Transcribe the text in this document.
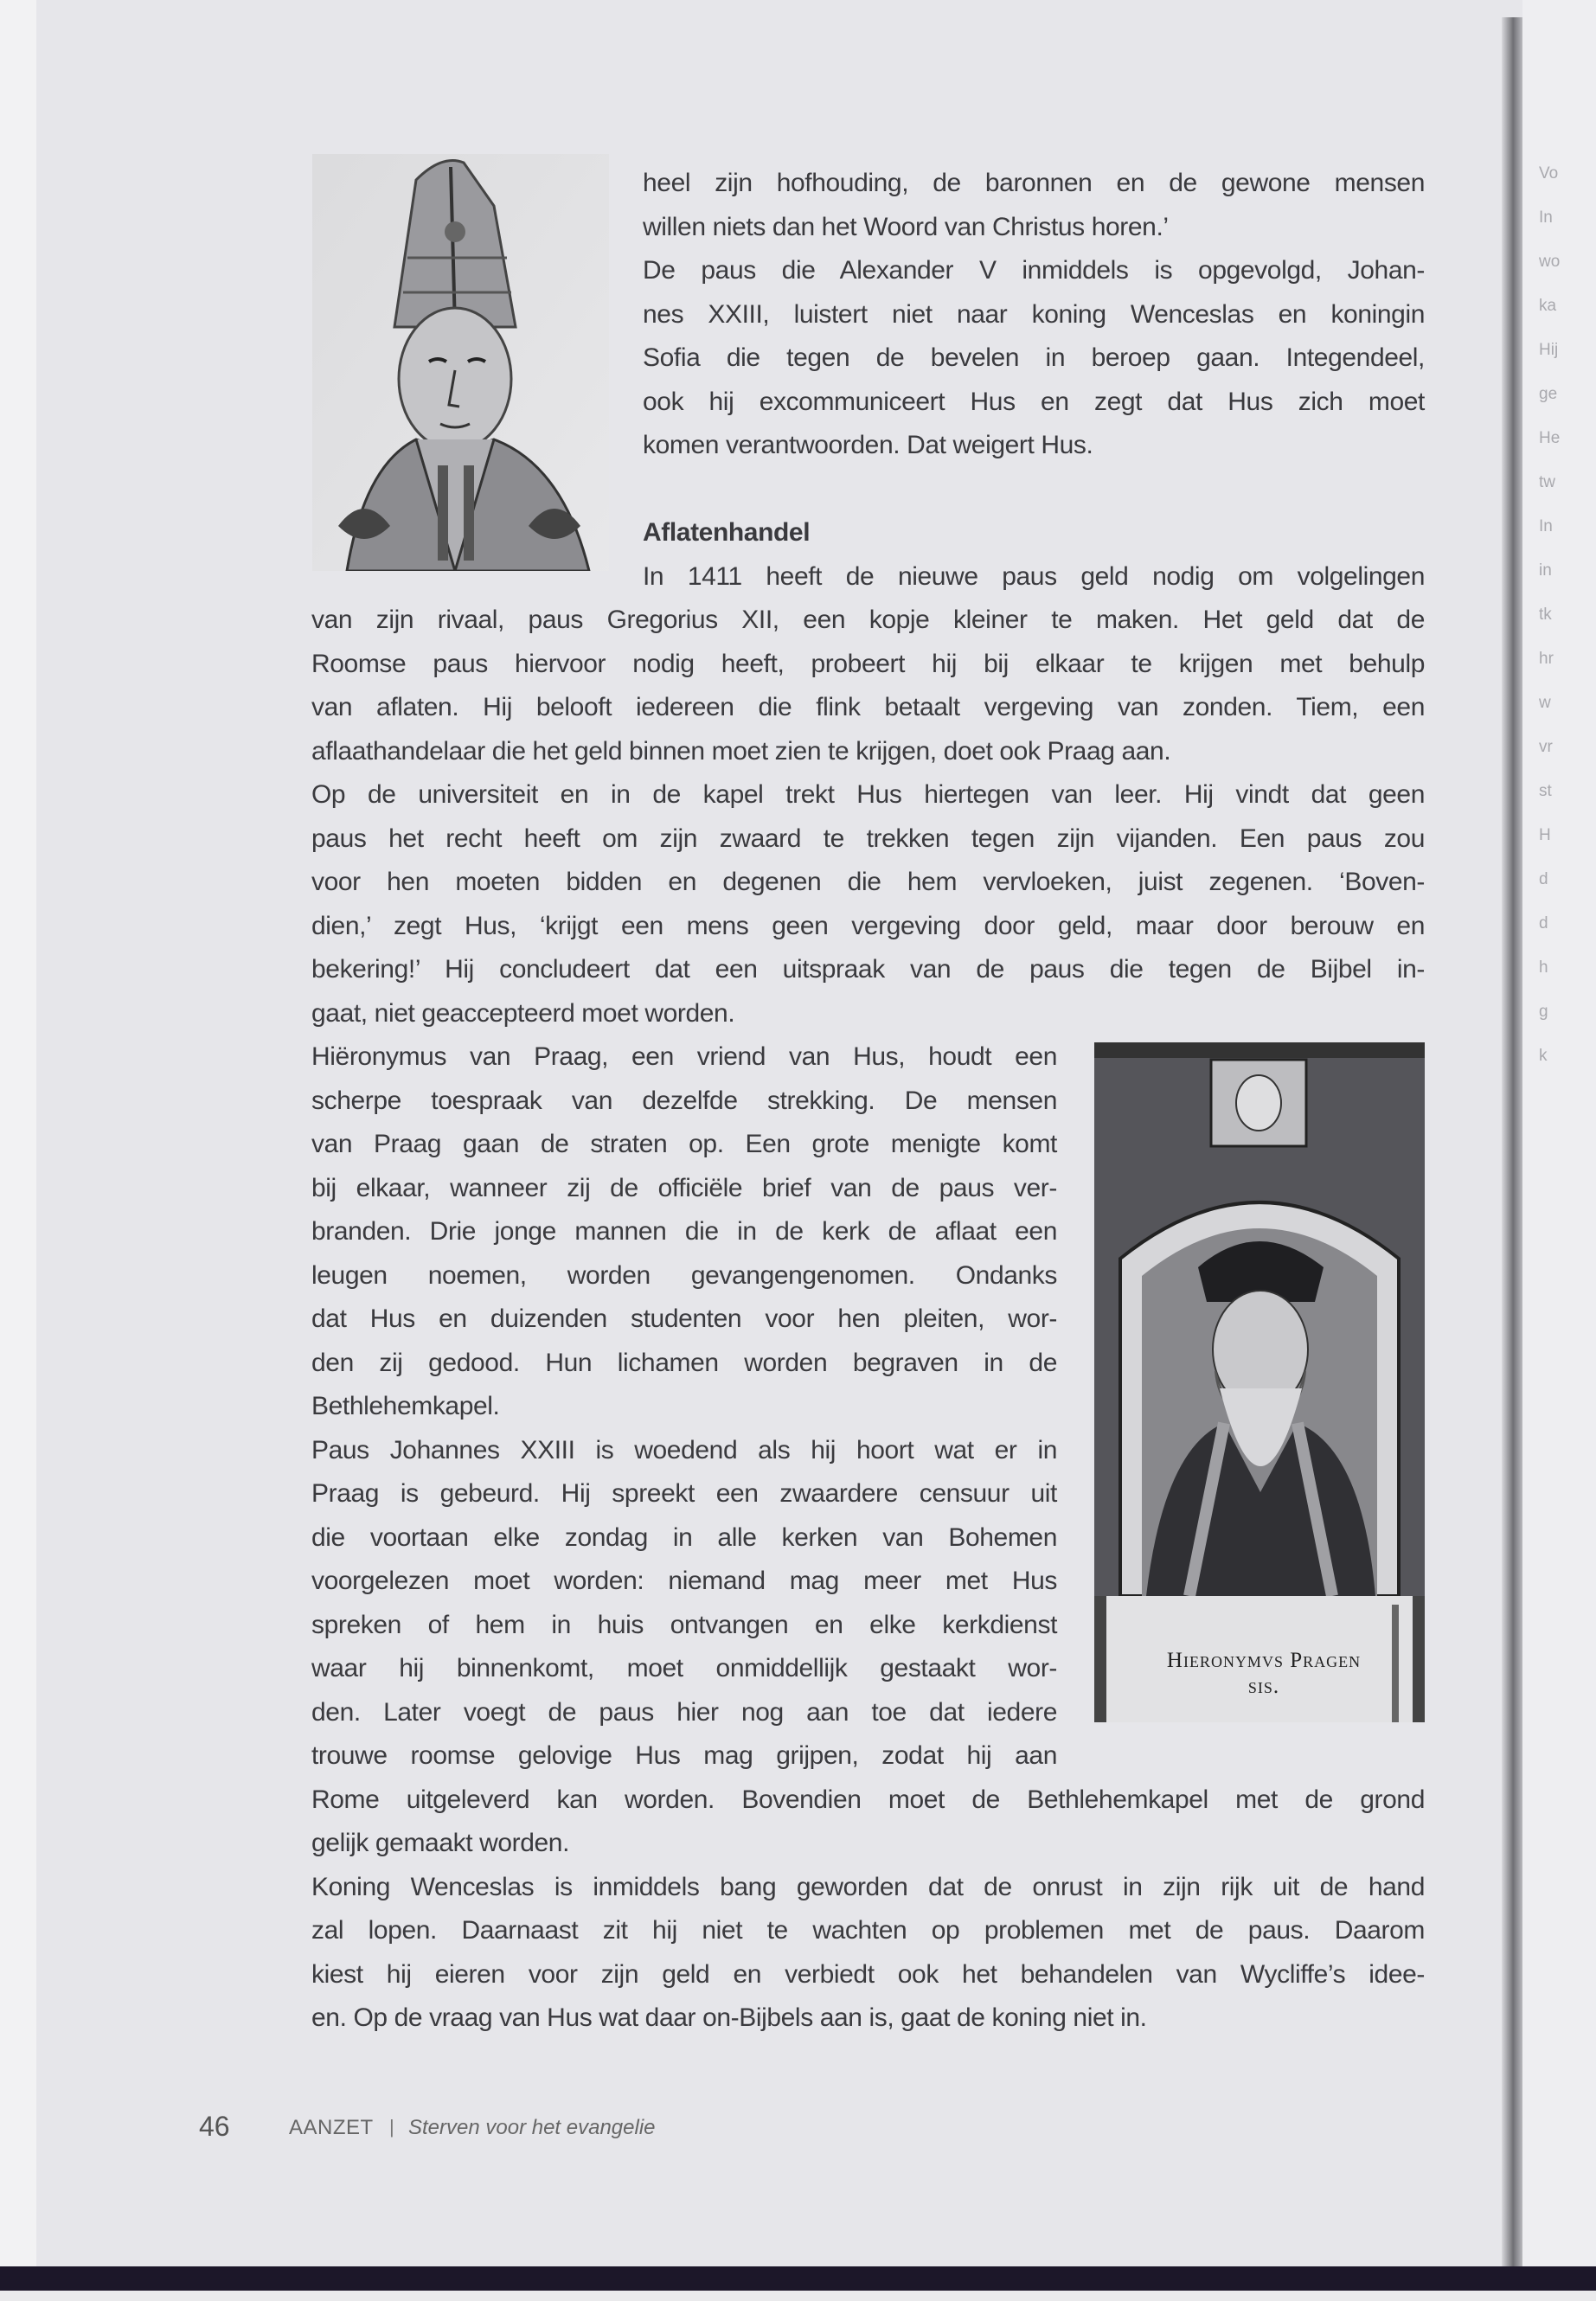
Vo
In
wo
ka
Hij
ge
He
tw
In
in
tk
hr
w
vr
st
H
d
d
h
g
k
Hieronymvs Pragen
sis.
heel zijn hofhouding, de baronnen en de gewone mensen
willen niets dan het Woord van Christus horen.’
De paus die Alexander V inmiddels is opgevolgd, Johan-
nes XXIII, luistert niet naar koning Wenceslas en koningin
Sofia die tegen de bevelen in beroep gaan. Integendeel,
ook hij excommuniceert Hus en zegt dat Hus zich moet
komen verantwoorden. Dat weigert Hus.
Aflatenhandel
In 1411 heeft de nieuwe paus geld nodig om volgelingen
van zijn rivaal, paus Gregorius XII, een kopje kleiner te maken. Het geld dat de
Roomse paus hiervoor nodig heeft, probeert hij bij elkaar te krijgen met behulp
van aflaten. Hij belooft iedereen die flink betaalt vergeving van zonden. Tiem, een
aflaathandelaar die het geld binnen moet zien te krijgen, doet ook Praag aan.
Op de universiteit en in de kapel trekt Hus hiertegen van leer. Hij vindt dat geen
paus het recht heeft om zijn zwaard te trekken tegen zijn vijanden. Een paus zou
voor hen moeten bidden en degenen die hem vervloeken, juist zegenen. ‘Boven-
dien,’ zegt Hus, ‘krijgt een mens geen vergeving door geld, maar door berouw en
bekering!’ Hij concludeert dat een uitspraak van de paus die tegen de Bijbel in-
gaat, niet geaccepteerd moet worden.
Hiëronymus van Praag, een vriend van Hus, houdt een
scherpe toespraak van dezelfde strekking. De mensen
van Praag gaan de straten op. Een grote menigte komt
bij elkaar, wanneer zij de officiële brief van de paus ver-
branden. Drie jonge mannen die in de kerk de aflaat een
leugen noemen, worden gevangengenomen. Ondanks
dat Hus en duizenden studenten voor hen pleiten, wor-
den zij gedood. Hun lichamen worden begraven in de
Bethlehemkapel.
Paus Johannes XXIII is woedend als hij hoort wat er in
Praag is gebeurd. Hij spreekt een zwaardere censuur uit
die voortaan elke zondag in alle kerken van Bohemen
voorgelezen moet worden: niemand mag meer met Hus
spreken of hem in huis ontvangen en elke kerkdienst
waar hij binnenkomt, moet onmiddellijk gestaakt wor-
den. Later voegt de paus hier nog aan toe dat iedere
trouwe roomse gelovige Hus mag grijpen, zodat hij aan
Rome uitgeleverd kan worden. Bovendien moet de Bethlehemkapel met de grond
gelijk gemaakt worden.
Koning Wenceslas is inmiddels bang geworden dat de onrust in zijn rijk uit de hand
zal lopen. Daarnaast zit hij niet te wachten op problemen met de paus. Daarom
kiest hij eieren voor zijn geld en verbiedt ook het behandelen van Wycliffe’s idee-
en. Op de vraag van Hus wat daar on-Bijbels aan is, gaat de koning niet in.
46	AANZET | Sterven voor het evangelie
